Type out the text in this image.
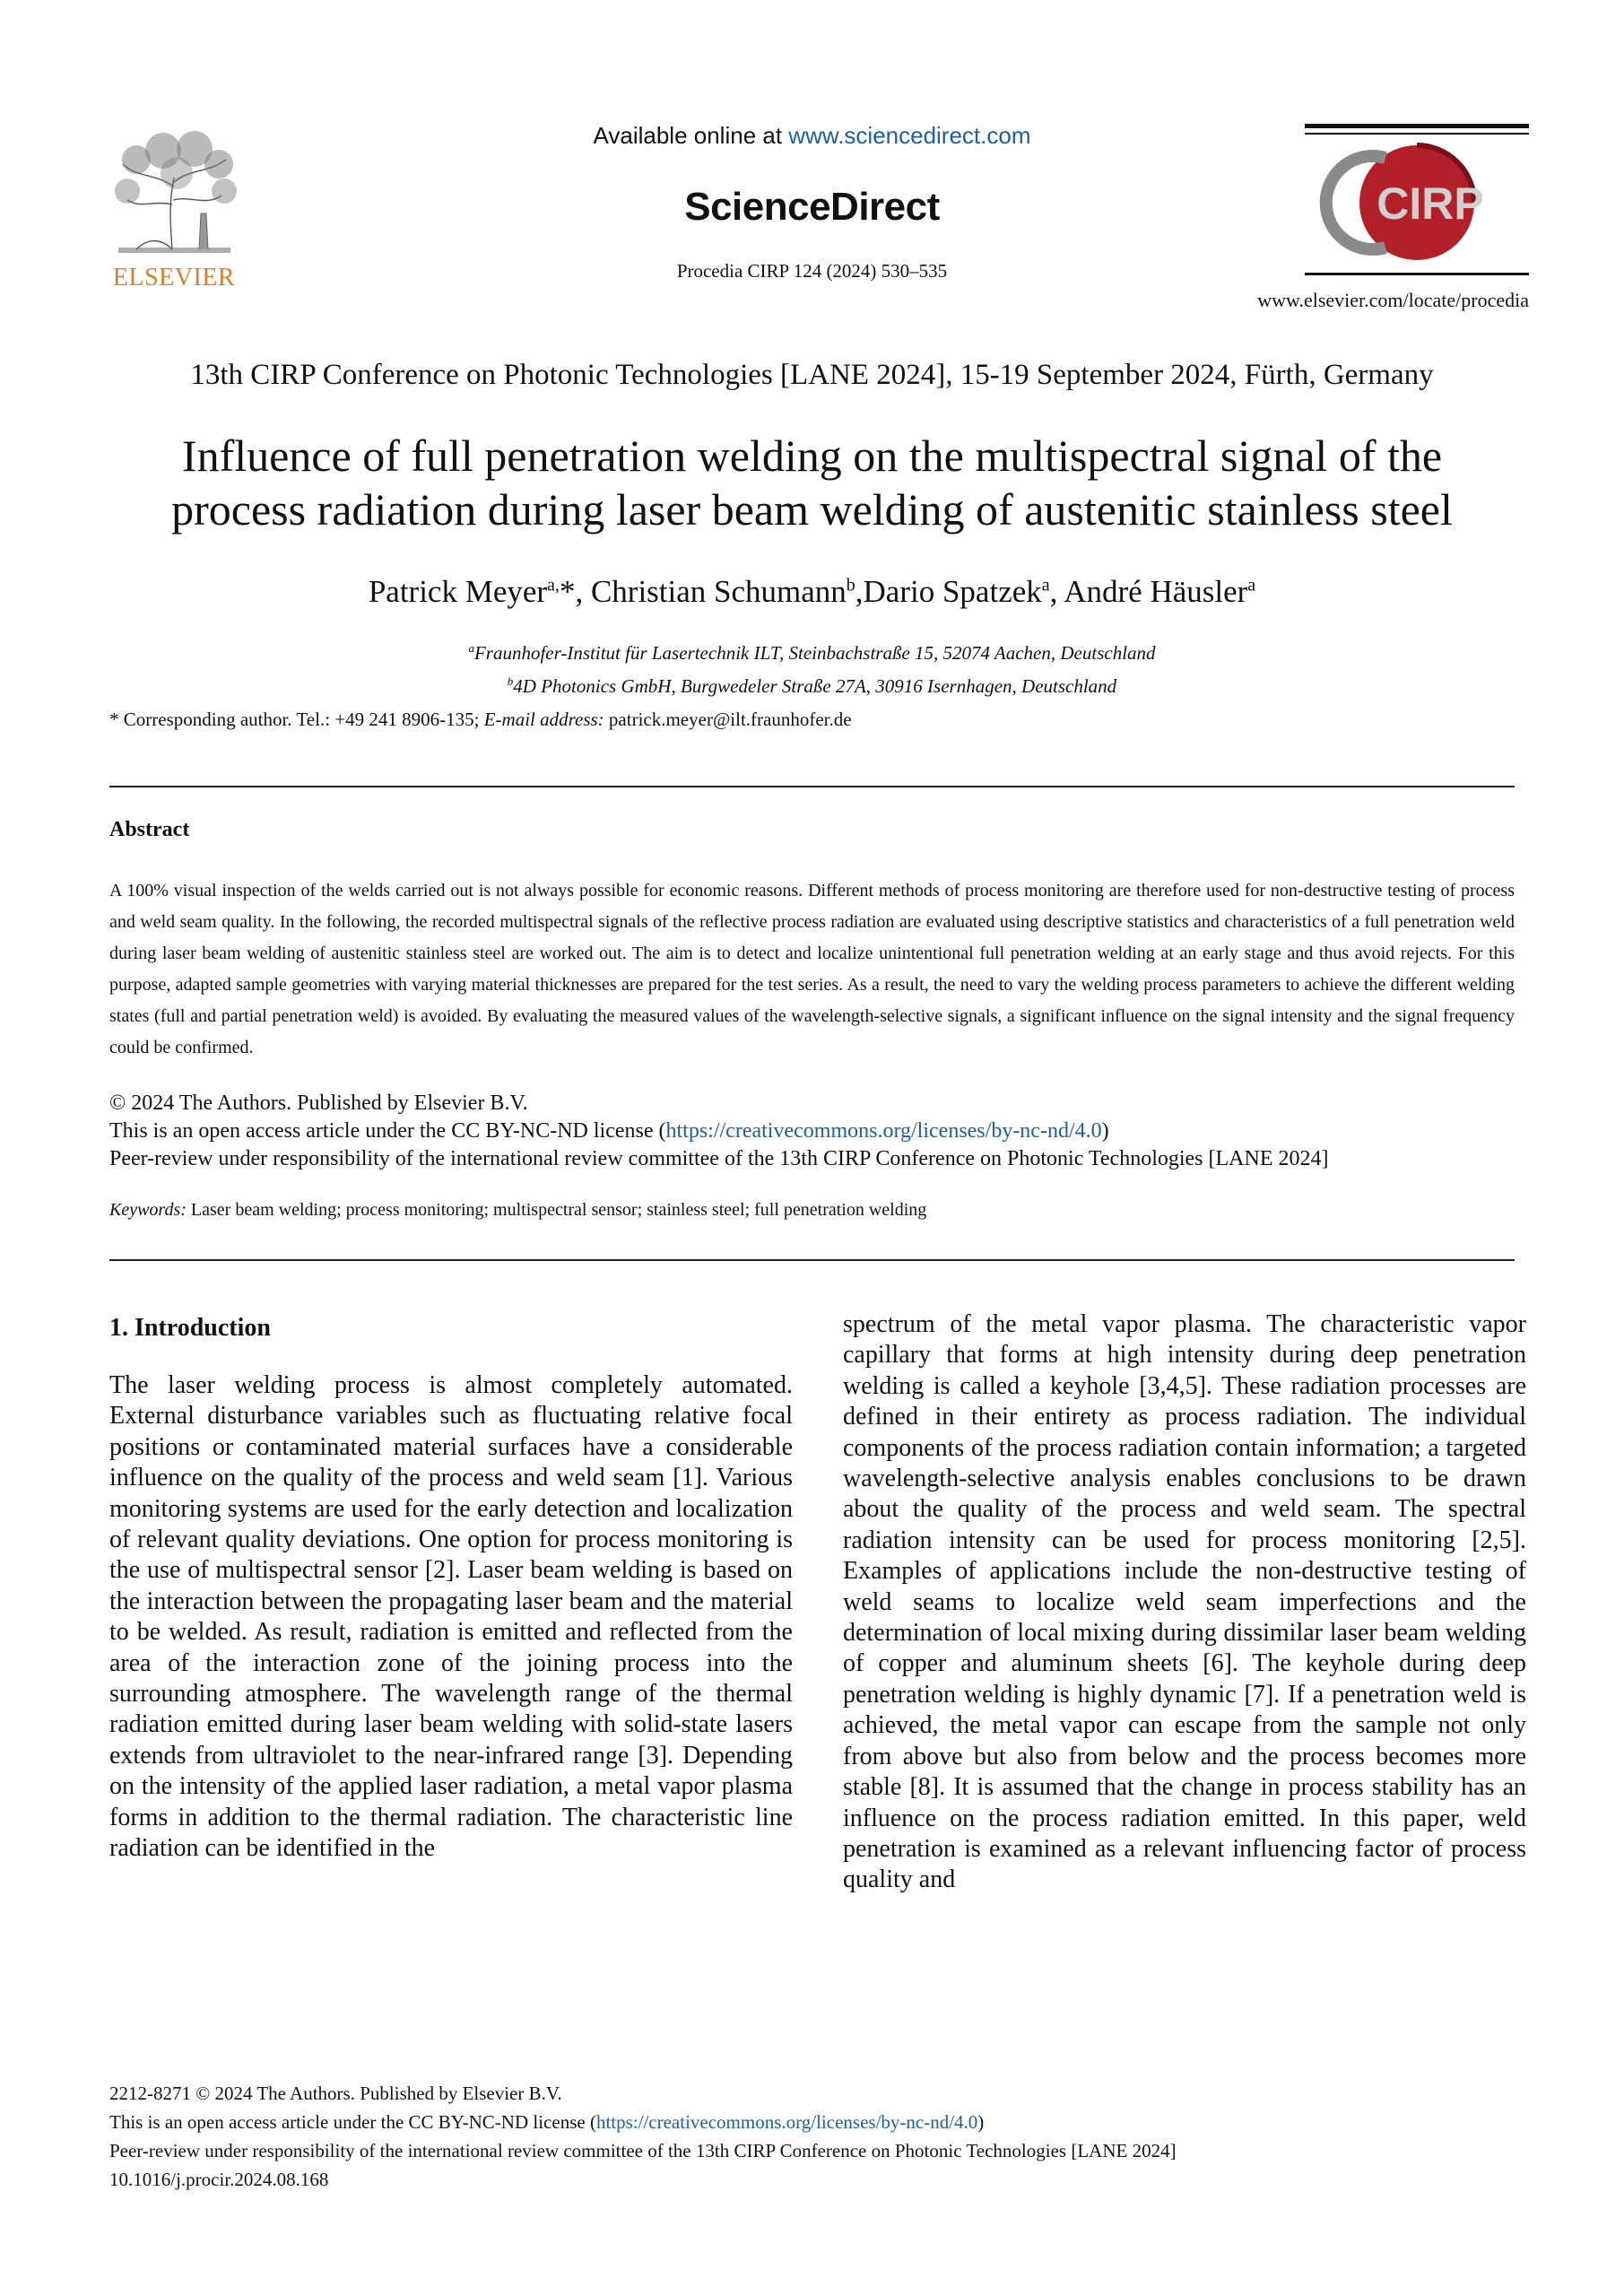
ELSEVIER
Available online at www.sciencedirect.com
ScienceDirect
Procedia CIRP 124 (2024) 530–535
CIRP
www.elsevier.com/locate/procedia
13th CIRP Conference on Photonic Technologies [LANE 2024], 15-19 September 2024, Fürth, Germany
Influence of full penetration welding on the multispectral signal of the
process radiation during laser beam welding of austenitic stainless steel
Patrick Meyer$^{a,}$*, Christian Schumann$^b$,Dario Spatzek$^a$, André Häusler$^a$
$^a$Fraunhofer-Institut für Lasertechnik ILT, Steinbachstraße 15, 52074 Aachen, Deutschland
$^b$4D Photonics GmbH, Burgwedeler Straße 27A, 30916 Isernhagen, Deutschland
* Corresponding author. Tel.: +49 241 8906-135; E-mail address: patrick.meyer@ilt.fraunhofer.de
Abstract
A 100% visual inspection of the welds carried out is not always possible for economic reasons. Different methods of process monitoring are therefore used for non-destructive testing of process and weld seam quality. In the following, the recorded multispectral signals of the reflective process radiation are evaluated using descriptive statistics and characteristics of a full penetration weld during laser beam welding of austenitic stainless steel are worked out. The aim is to detect and localize unintentional full penetration welding at an early stage and thus avoid rejects. For this purpose, adapted sample geometries with varying material thicknesses are prepared for the test series. As a result, the need to vary the welding process parameters to achieve the different welding states (full and partial penetration weld) is avoided. By evaluating the measured values of the wavelength-selective signals, a significant influence on the signal intensity and the signal frequency could be confirmed.
© 2024 The Authors. Published by Elsevier B.V.
This is an open access article under the CC BY-NC-ND license (https://creativecommons.org/licenses/by-nc-nd/4.0)
Peer-review under responsibility of the international review committee of the 13th CIRP Conference on Photonic Technologies [LANE 2024]
Keywords: Laser beam welding; process monitoring; multispectral sensor; stainless steel; full penetration welding
1. Introduction
The laser welding process is almost completely automated. External disturbance variables such as fluctuating relative focal positions or contaminated material surfaces have a considerable influence on the quality of the process and weld seam [1]. Various monitoring systems are used for the early detection and localization of relevant quality deviations. One option for process monitoring is the use of multispectral sensor [2]. Laser beam welding is based on the interaction between the propagating laser beam and the material to be welded. As result, radiation is emitted and reflected from the area of the interaction zone of the joining process into the surrounding atmosphere. The wavelength range of the thermal radiation emitted during laser beam welding with solid-state lasers extends from ultraviolet to the near-infrared range [3]. Depending on the intensity of the applied laser radiation, a metal vapor plasma forms in addition to the thermal radiation. The characteristic line radiation can be identified in the
spectrum of the metal vapor plasma. The characteristic vapor capillary that forms at high intensity during deep penetration welding is called a keyhole [3,4,5]. These radiation processes are defined in their entirety as process radiation. The individual components of the process radiation contain information; a targeted wavelength-selective analysis enables conclusions to be drawn about the quality of the process and weld seam. The spectral radiation intensity can be used for process monitoring [2,5]. Examples of applications include the non-destructive testing of weld seams to localize weld seam imperfections and the determination of local mixing during dissimilar laser beam welding of copper and aluminum sheets [6]. The keyhole during deep penetration welding is highly dynamic [7]. If a penetration weld is achieved, the metal vapor can escape from the sample not only from above but also from below and the process becomes more stable [8]. It is assumed that the change in process stability has an influence on the process radiation emitted. In this paper, weld penetration is examined as a relevant influencing factor of process quality and
2212-8271 © 2024 The Authors. Published by Elsevier B.V.
This is an open access article under the CC BY-NC-ND license (https://creativecommons.org/licenses/by-nc-nd/4.0)
Peer-review under responsibility of the international review committee of the 13th CIRP Conference on Photonic Technologies [LANE 2024]
10.1016/j.procir.2024.08.168
